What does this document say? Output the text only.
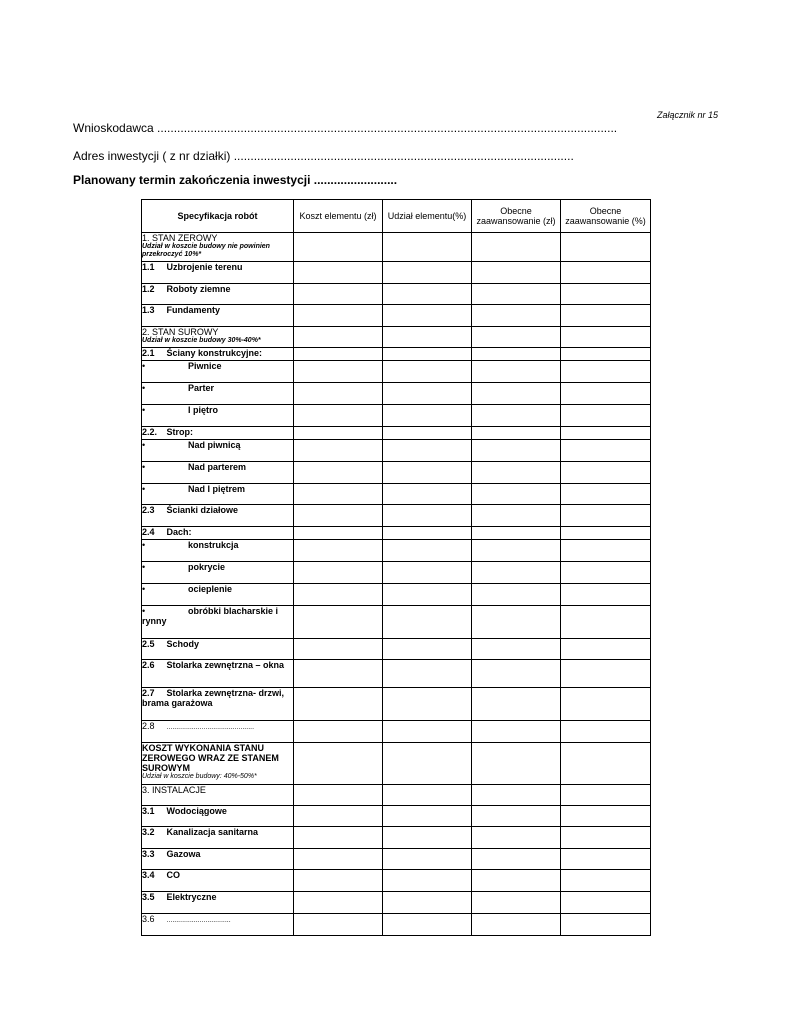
Załącznik nr 15
Wnioskodawca ..........................................................................................................................................
Adres inwestycji ( z nr działki) ......................................................................................................
Planowany termin zakończenia inwestycji .........................
Specyfikacja robót	Koszt elementu (zł)	Udział elementu(%)	Obecne zaawansowanie (zł)	Obecne zaawansowanie (%)
1. STAN ZEROWY
Udział w koszcie budowy nie powinien przekroczyć 10%*				

1.1 Uzbrojenie terenu				
1.2 Roboty ziemne				
1.3 Fundamenty				
2. STAN SUROWY
Udział w koszcie budowy 30%-40%*				

2.1 Ściany konstrukcyjne:				
• Piwnice				
• Parter				
• I piętro				
2.2. Strop:				
• Nad piwnicą				
• Nad parterem				
• Nad I piętrem				
2.3 Ścianki działowe				
2.4 Dach:				
• konstrukcja				
• pokrycie				
• ocieplenie				
• obróbki blacharskie i rynny				
2.5 Schody				
2.6 Stolarka zewnętrzna – okna				
2.7 Stolarka zewnętrzna- drzwi, brama garażowa				
2.8 .............................................				
KOSZT WYKONANIA STANU ZEROWEGO WRAZ ZE STANEM SUROWYM
Udział w koszcie budowy: 40%-50%*				

3. INSTALACJE				
3.1 Wodociągowe				
3.2 Kanalizacja sanitarna				
3.3 Gazowa				
3.4 CO				
3.5 Elektryczne				
3.6 .................................				
